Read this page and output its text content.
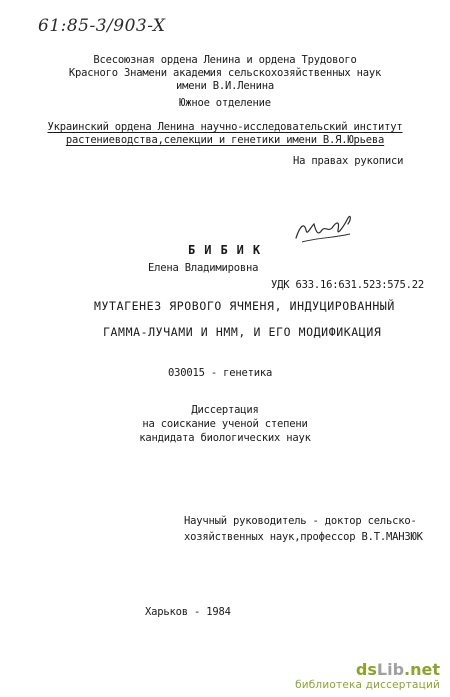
61:85-3/903-X
Всесоюзная ордена Ленина и ордена Трудового
Красного Знамени академия сельскохозяйственных наук
имени В.И.Ленина
Южное отделение
Украинский ордена Ленина научно-исследовательский институт
растениеводства,селекции и генетики имени В.Я.Юрьева
На правах рукописи
БИБИК
Елена Владимировна
УДК 633.16:631.523:575.22
МУТАГЕНЕЗ ЯРОВОГО ЯЧМЕНЯ, ИНДУЦИРОВАННЫЙ
ГАММА-ЛУЧАМИ И НММ, И ЕГО МОДИФИКАЦИЯ
030015 - генетика
Диссертация
на соискание ученой степени
кандидата биологических наук
Научный руководитель - доктор сельско-
хозяйственных наук,профессор В.Т.МАНЗЮК
Харьков - 1984
dsLib.net
библиотека диссертаций
